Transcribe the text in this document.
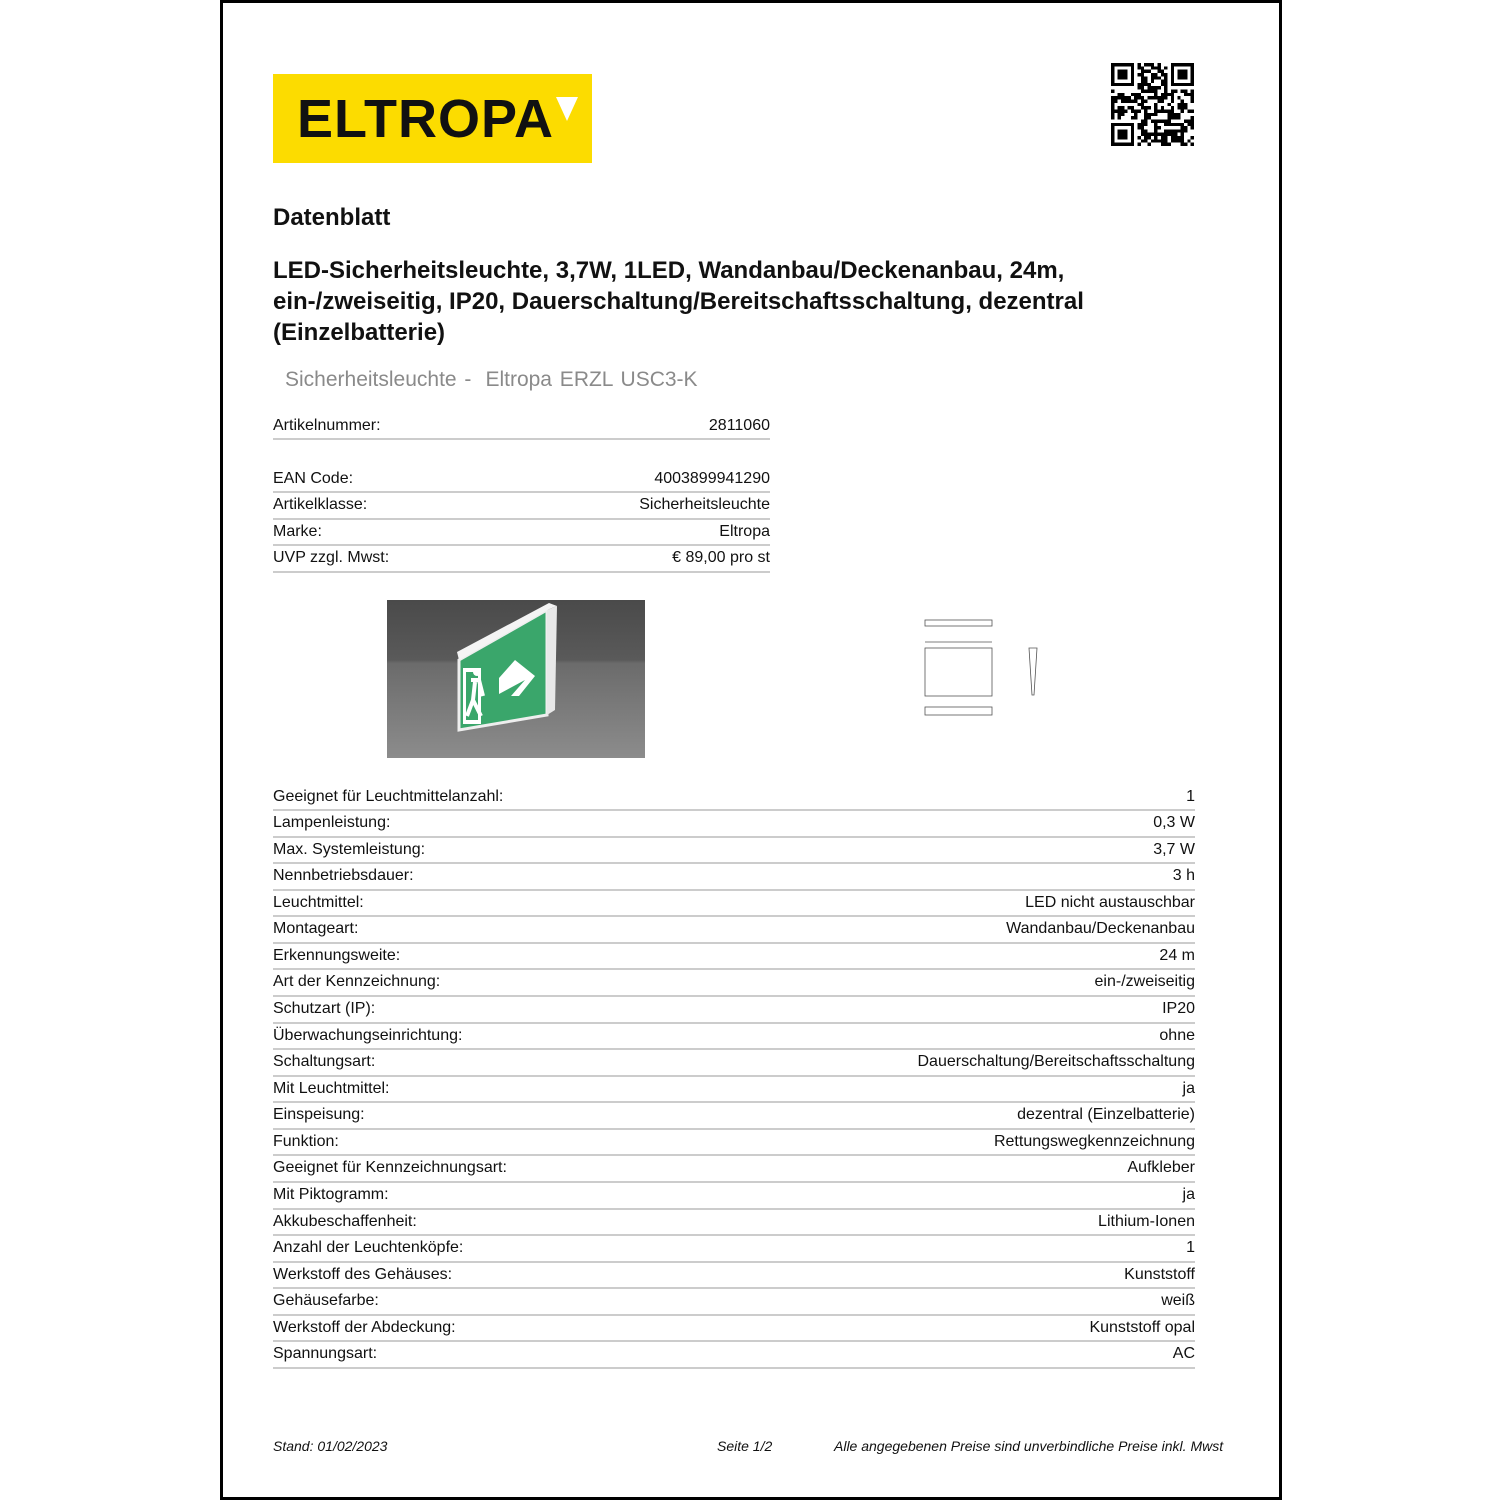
ELTROPA
Datenblatt
LED-Sicherheitsleuchte, 3,7W, 1LED, Wandanbau/Deckenanbau, 24m, ein-/zweiseitig, IP20, Dauerschaltung/Bereitschaftsschaltung, dezentral (Einzelbatterie)
Sicherheitsleuchte - Eltropa ERZL USC3-K
Artikelnummer:	2811060
EAN Code:	4003899941290
Artikelklasse:	Sicherheitsleuchte
Marke:	Eltropa
UVP zzgl. Mwst:	€ 89,00 pro st
Geeignet für Leuchtmittelanzahl:	1
Lampenleistung:	0,3 W
Max. Systemleistung:	3,7 W
Nennbetriebsdauer:	3 h
Leuchtmittel:	LED nicht austauschbar
Montageart:	Wandanbau/Deckenanbau
Erkennungsweite:	24 m
Art der Kennzeichnung:	ein-/zweiseitig
Schutzart (IP):	IP20
Überwachungseinrichtung:	ohne
Schaltungsart:	Dauerschaltung/Bereitschaftsschaltung
Mit Leuchtmittel:	ja
Einspeisung:	dezentral (Einzelbatterie)
Funktion:	Rettungswegkennzeichnung
Geeignet für Kennzeichnungsart:	Aufkleber
Mit Piktogramm:	ja
Akkubeschaffenheit:	Lithium-Ionen
Anzahl der Leuchtenköpfe:	1
Werkstoff des Gehäuses:	Kunststoff
Gehäusefarbe:	weiß
Werkstoff der Abdeckung:	Kunststoff opal
Spannungsart:	AC
Stand: 01/02/2023	Seite 1/2	Alle angegebenen Preise sind unverbindliche Preise inkl. Mwst
